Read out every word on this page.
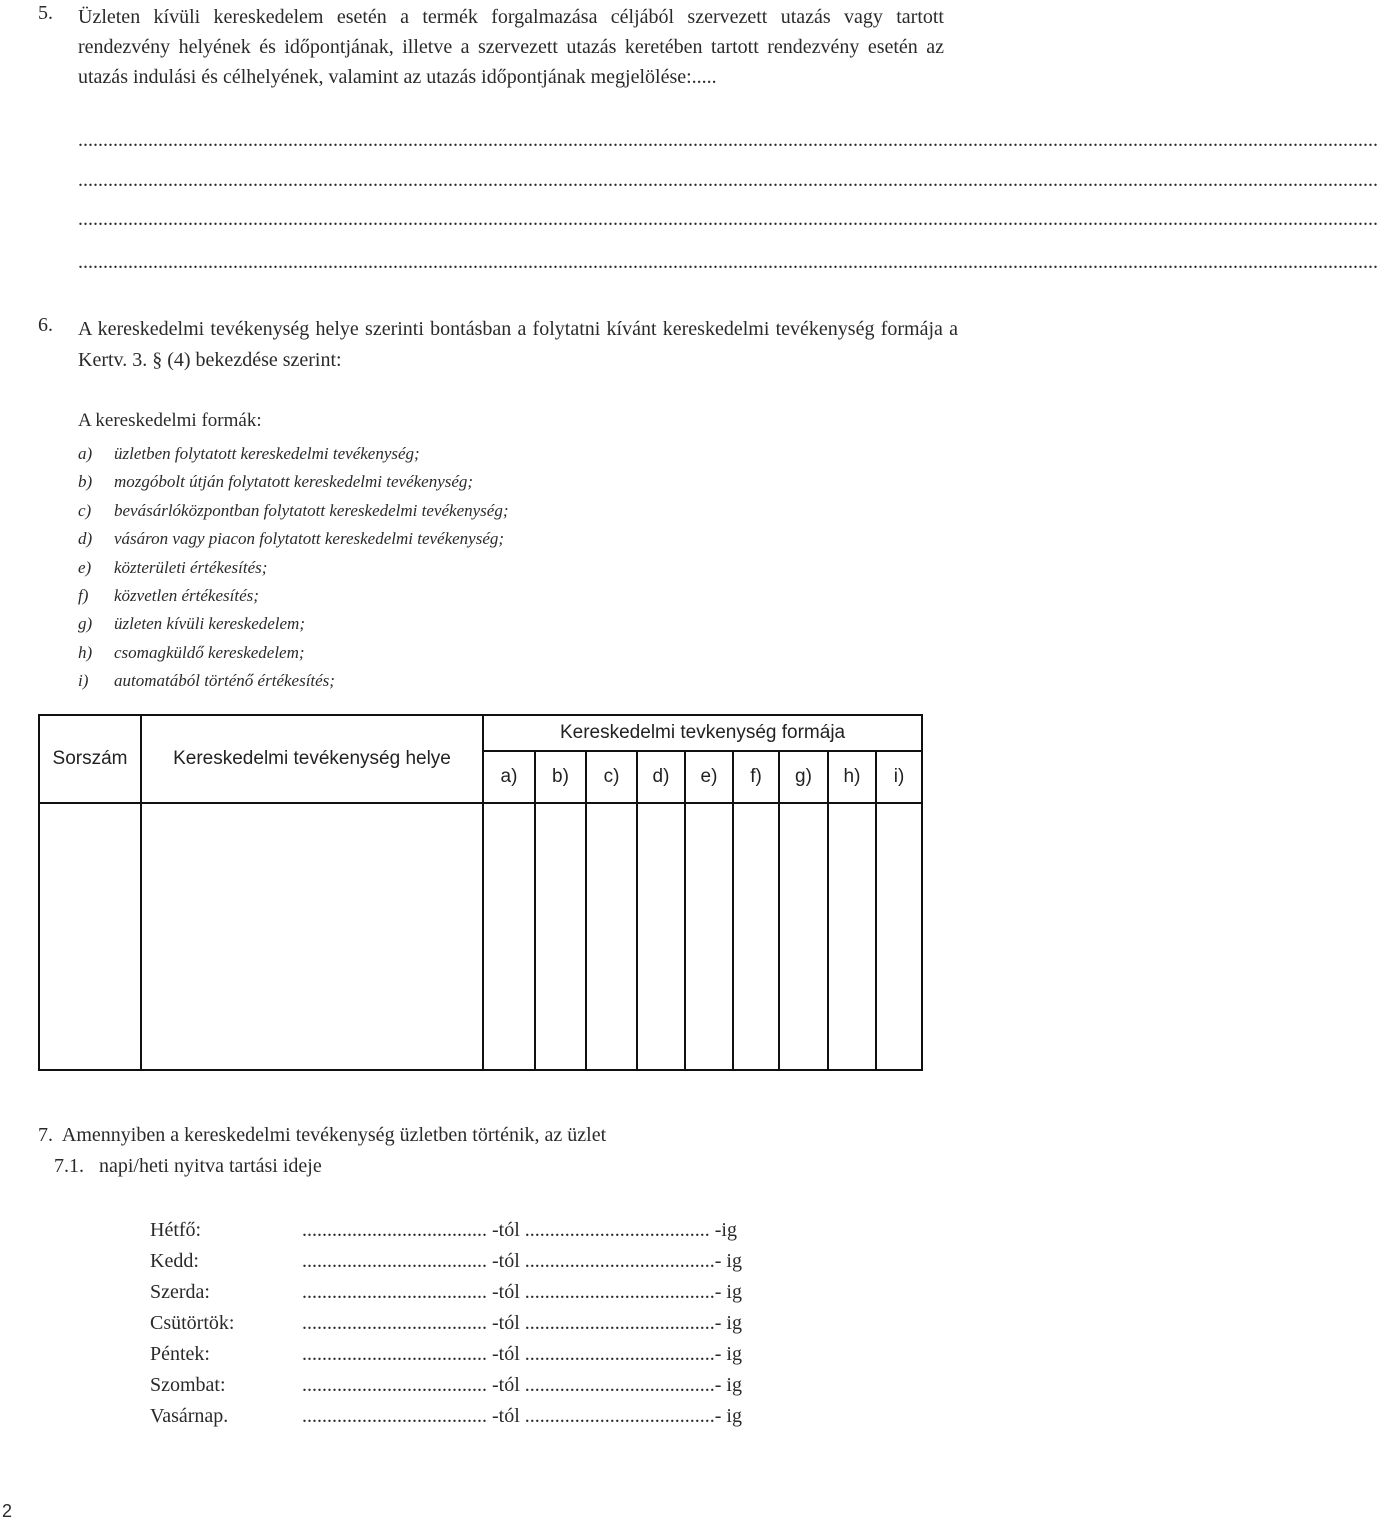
5. Üzleten kívüli kereskedelem esetén a termék forgalmazása céljából szervezett utazás vagy tartott rendezvény helyének és időpontjának, illetve a szervezett utazás keretében tartott rendezvény esetén az utazás indulási és célhelyének, valamint az utazás időpontjának megjelölése:.....
....................................................................................................................................................................................................................................................................
....................................................................................................................................................................................................................................................................
....................................................................................................................................................................................................................................................................
....................................................................................................................................................................................................................................................................
6. A kereskedelmi tevékenység helye szerinti bontásban a folytatni kívánt kereskedelmi tevékenység formája a Kertv. 3. § (4) bekezdése szerint:
A kereskedelmi formák:
a) üzletben folytatott kereskedelmi tevékenység;
b) mozgóbolt útján folytatott kereskedelmi tevékenység;
c) bevásárlóközpontban folytatott kereskedelmi tevékenység;
d) vásáron vagy piacon folytatott kereskedelmi tevékenység;
e) közterületi értékesítés;
f) közvetlen értékesítés;
g) üzleten kívüli kereskedelem;
h) csomagküldő kereskedelem;
i) automatából történő értékesítés;
Sorszám	Kereskedelmi tevékenység helye	Kereskedelmi tevkenység formája								
		a)	b)	c)	d)	e)	f)	g)	h)	i)

7. Amennyiben a kereskedelmi tevékenység üzletben történik, az üzlet
7.1. napi/heti nyitva tartási ideje
Hétfő:	..................................... -tól ..................................... -ig
Kedd:	..................................... -tól ......................................- ig
Szerda:	..................................... -tól ......................................- ig
Csütörtök:	..................................... -tól ......................................- ig
Péntek:	..................................... -tól ......................................- ig
Szombat:	..................................... -tól ......................................- ig
Vasárnap.	..................................... -tól ......................................- ig
2
